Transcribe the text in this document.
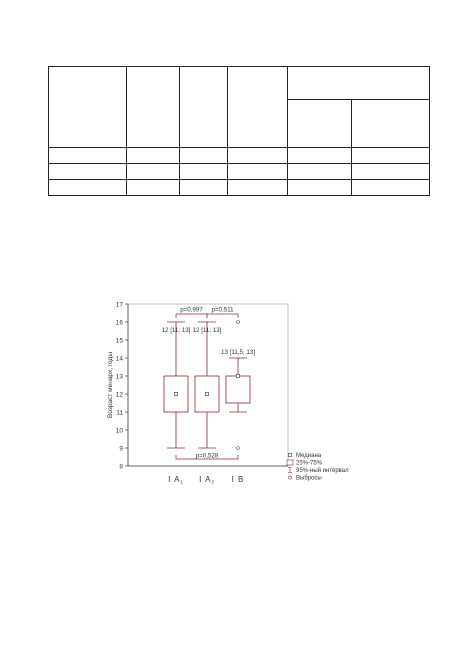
8
9
10
11
12
13
14
15
16
17
Возраст менарх, годы
I A1 I A2 I B
12 [11; 13] 12 [11; 13]
13 [11,5; 13]
p=0,997 p=0,511
p=0,528	Медиана
25%-75%
95%-ный интервал
Выбросы
